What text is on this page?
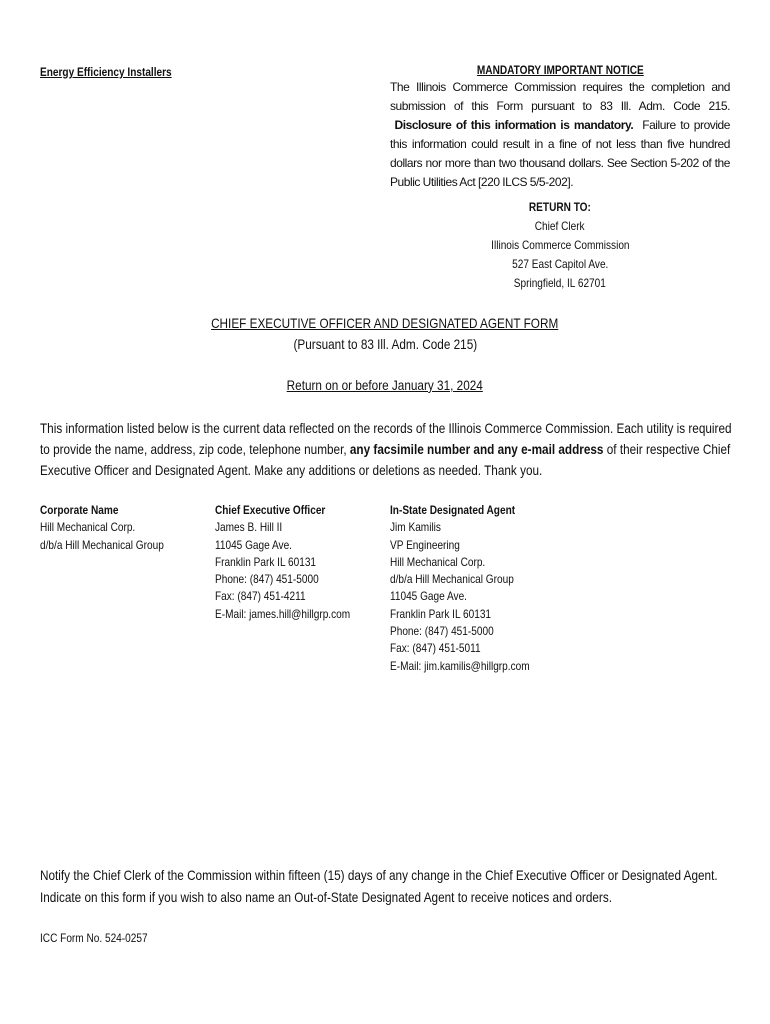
Energy Efficiency Installers	MANDATORY IMPORTANT NOTICE
The Illinois Commerce Commission requires the completion and submission of this Form pursuant to 83 Ill. Adm. Code 215.  Disclosure of this information is mandatory. Failure to provide this information could result in a fine of not less than five hundred dollars nor more than two thousand dollars. See Section 5-202 of the Public Utilities Act [220 ILCS 5/5-202].
RETURN TO:
Chief Clerk
Illinois Commerce Commission
527 East Capitol Ave.
Springfield, IL 62701
CHIEF EXECUTIVE OFFICER AND DESIGNATED AGENT FORM
(Pursuant to 83 Ill. Adm. Code 215)
Return on or before January 31, 2024
This information listed below is the current data reflected on the records of the Illinois Commerce Commission. Each utility is required to provide the name, address, zip code, telephone number, any facsimile number and any e-mail address of their respective Chief Executive Officer and Designated Agent. Make any additions or deletions as needed. Thank you.
Corporate Name
Hill Mechanical Corp.
d/b/a Hill Mechanical Group
Chief Executive Officer
James B. Hill II
11045 Gage Ave.
Franklin Park IL 60131
Phone: (847) 451-5000
Fax: (847) 451-4211
E-Mail: james.hill@hillgrp.com
In-State Designated Agent
Jim Kamilis
VP Engineering
Hill Mechanical Corp.
d/b/a Hill Mechanical Group
11045 Gage Ave.
Franklin Park IL 60131
Phone: (847) 451-5000
Fax: (847) 451-5011
E-Mail: jim.kamilis@hillgrp.com
Notify the Chief Clerk of the Commission within fifteen (15) days of any change in the Chief Executive Officer or Designated Agent.
Indicate on this form if you wish to also name an Out-of-State Designated Agent to receive notices and orders.
ICC Form No. 524-0257
